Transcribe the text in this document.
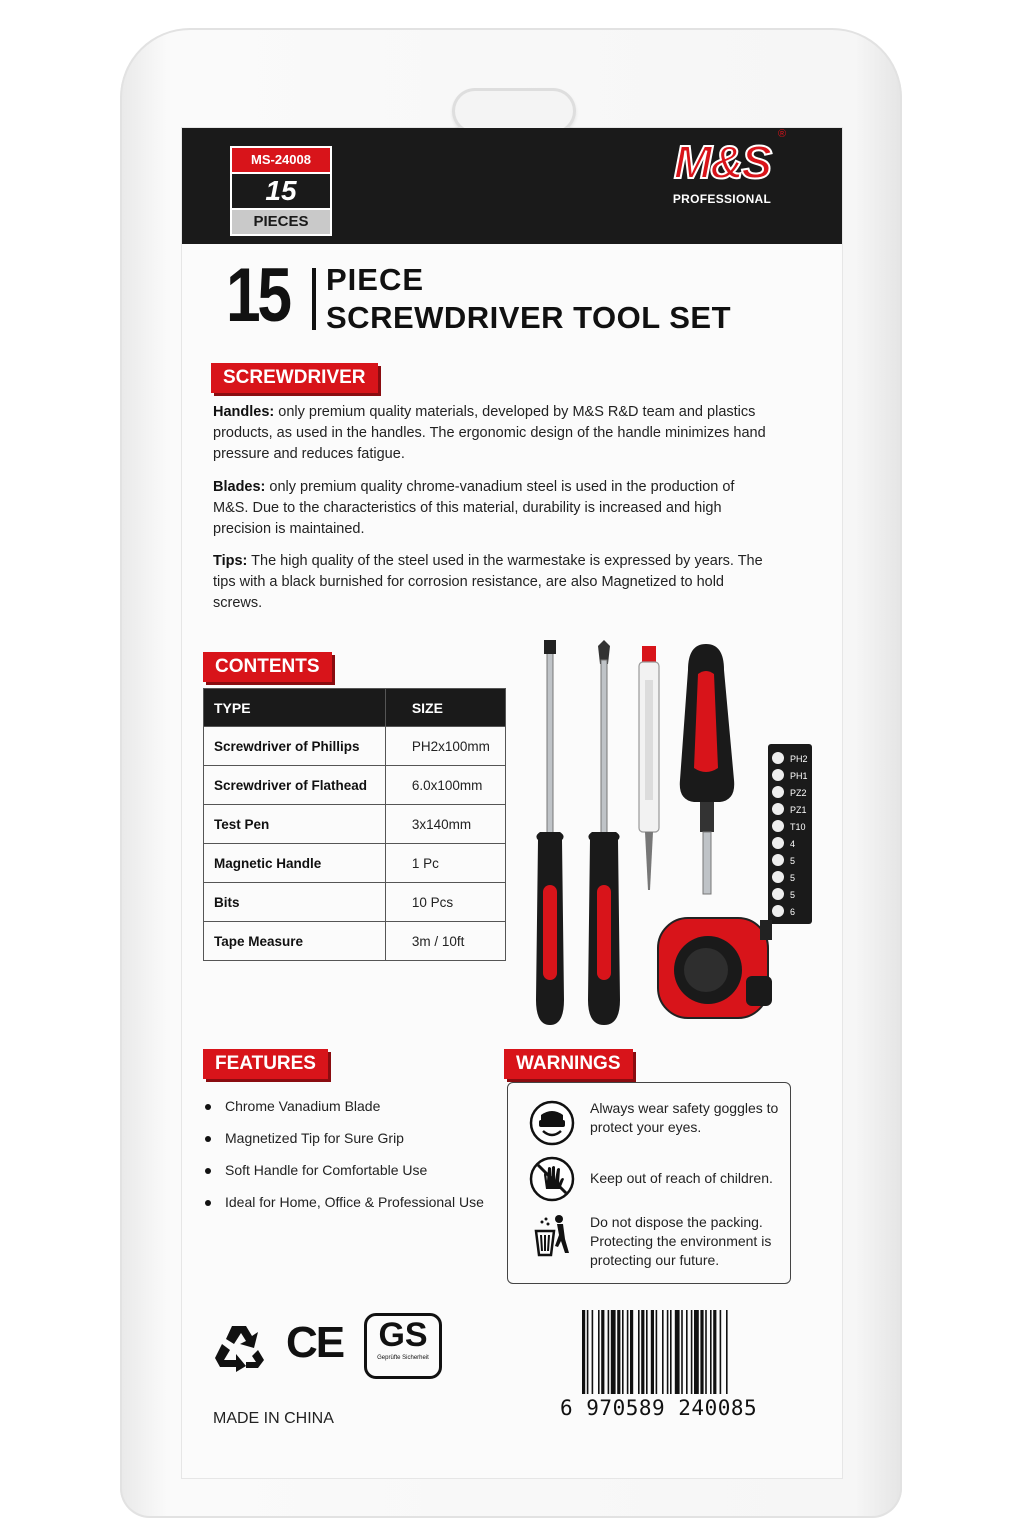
MS-24008
15
PIECES
M&S
PROFESSIONAL
®
15 PIECE
SCREWDRIVER TOOL SET
SCREWDRIVER
Handles: only premium quality materials, developed by M&S R&D team and plastics products, as used in the handles. The ergonomic design of the handle minimizes hand pressure and reduces fatigue.
Blades: only premium quality chrome-vanadium steel is used in the production of M&S. Due to the characteristics of this material, durability is increased and high precision is maintained.
Tips: The high quality of the steel used in the warmestake is expressed by years. The tips with a black burnished for corrosion resistance, are also Magnetized to hold screws.
CONTENTS
TYPE	SIZE
Screwdriver of Phillips	PH2x100mm
Screwdriver of Flathead	6.0x100mm
Test Pen	3x140mm
Magnetic Handle	1 Pc
Bits	10 Pcs
Tape Measure	3m / 10ft
PH2
PH1
PZ2
PZ1
T10
4
5
5
5
6
FEATURES
Chrome Vanadium Blade
Magnetized Tip for Sure Grip
Soft Handle for Comfortable Use
Ideal for Home, Office & Professional Use
WARNINGS
Always wear safety goggles to protect your eyes.
Keep out of reach of children.
Do not dispose the packing. Protecting the environment is protecting our future.
CE	GS
Geprüfte Sicherheit
MADE IN CHINA	6 970589 240085
